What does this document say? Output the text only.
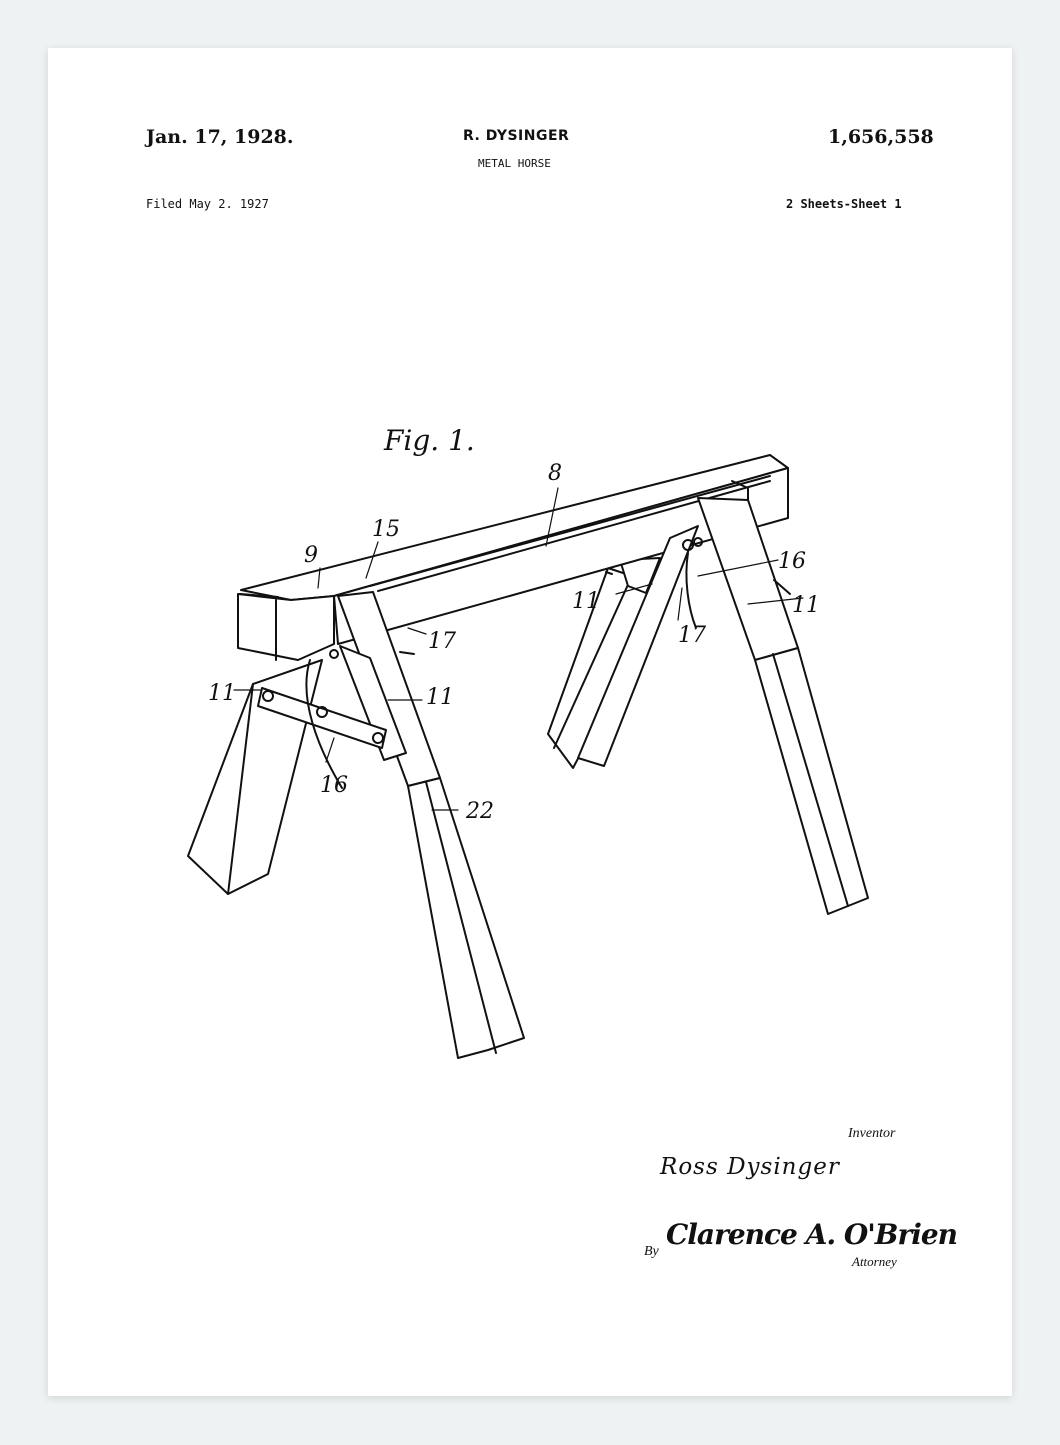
Jan. 17, 1928.	R. DYSINGER
METAL HORSE
1,656,558
Filed May 2. 1927	2 Sheets-Sheet 1
Fig. 1.
8
9
15
16
16
11	11
11	11
17	17
22
Inventor
Ross Dysinger
By
Clarence A. O'Brien
Attorney
